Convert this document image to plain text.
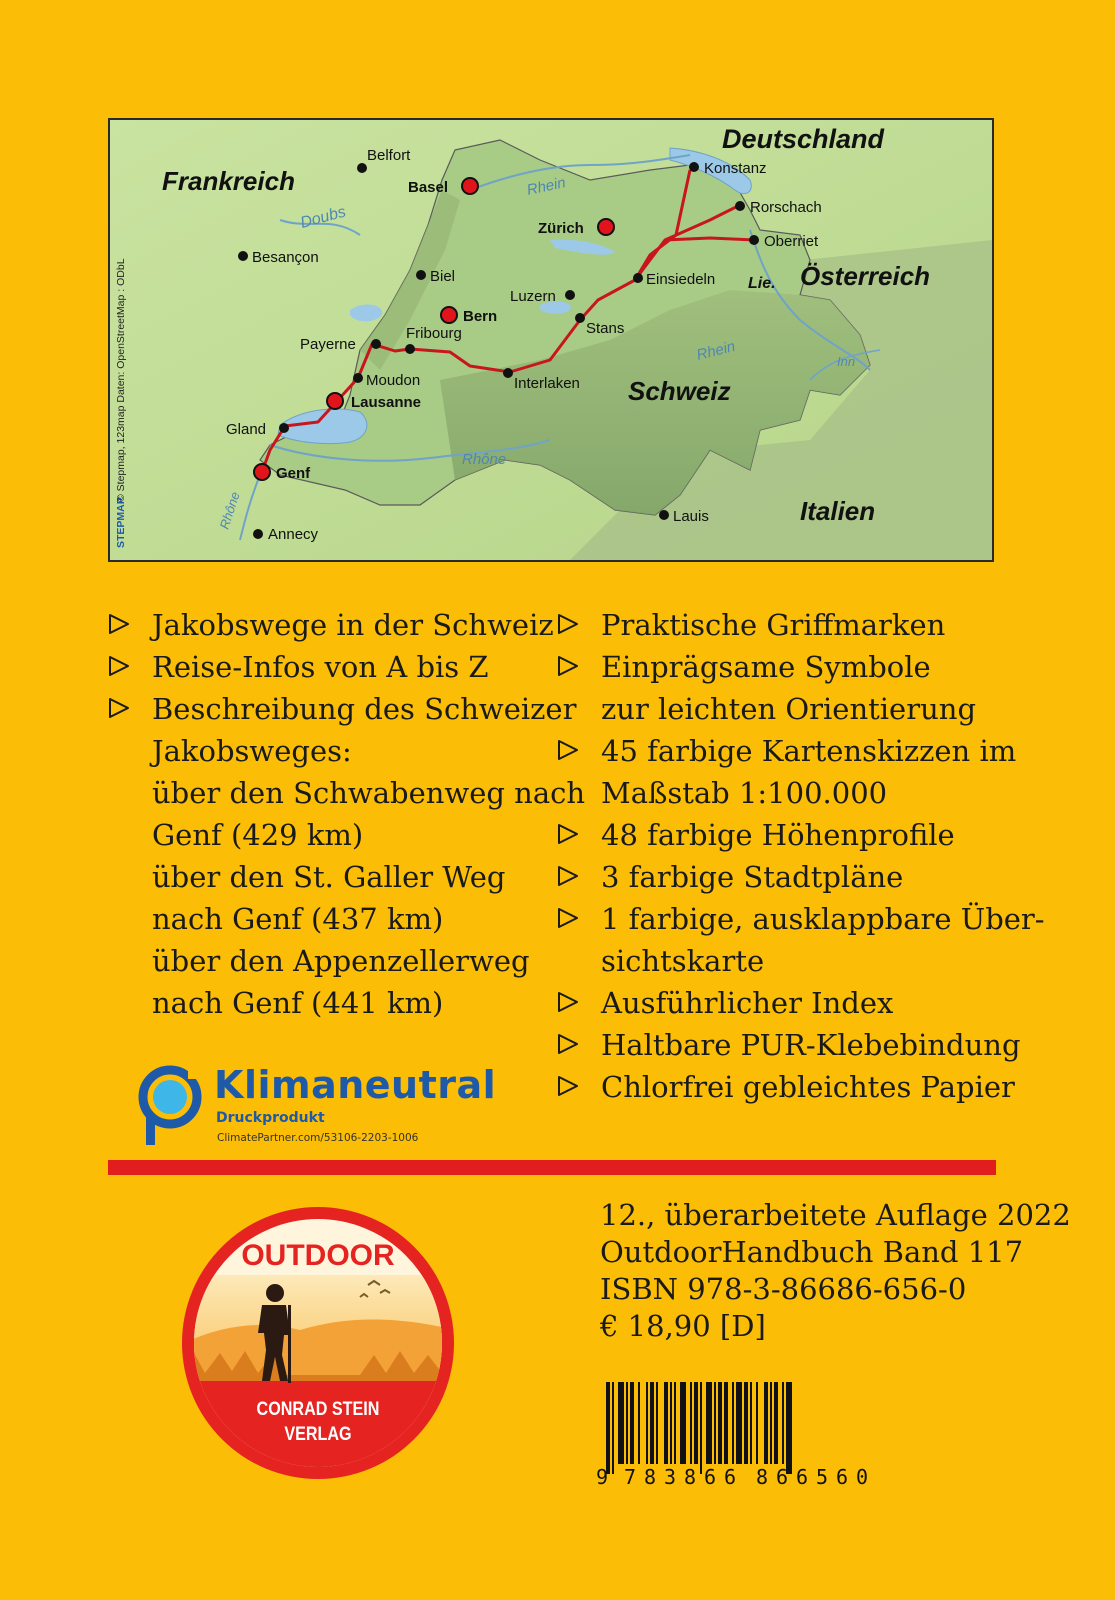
Deutschland
Frankreich
Österreich
Schweiz
Italien
Lie.
Rhein
Rhein
Doubs
Rhône
Rhône
Inn
Basel
Zürich
Bern
Lausanne
Genf
Belfort
Besançon
Biel
Konstanz
Rorschach
Oberriet
Einsiedeln
Luzern
Stans
Payerne
Fribourg
Moudon	Interlaken
Gland
Annecy
Lauis
STEPMAP
© Stepmap, 123map Daten: OpenStreetMap : ODbL
Jakobswege in der Schweiz
Reise-Infos von A bis Z
Beschreibung des Schweizer
Jakobsweges:
über den Schwabenweg nach
Genf (429 km)
über den St. Galler Weg
nach Genf (437 km)
über den Appenzellerweg
nach Genf (441 km)
Praktische Griffmarken
Einprägsame Symbole
zur leichten Orientierung
45 farbige Kartenskizzen im
Maßstab 1:100.000
48 farbige Höhenprofile
3 farbige Stadtpläne
1 farbige, ausklappbare Über-
sichtskarte
Ausführlicher Index
Haltbare PUR-Klebebindung
Chlorfrei gebleichtes Papier
Klimaneutral
Druckprodukt
ClimatePartner.com/53106-2203-1006
OUTDOOR
CONRAD STEIN
VERLAG
12., überarbeitete Auflage 2022
OutdoorHandbuch Band 117
ISBN 978-3-86686-656-0
€ 18,90 [D]
9 7 8 3 8 6 6 8 6 6 5 6 0
